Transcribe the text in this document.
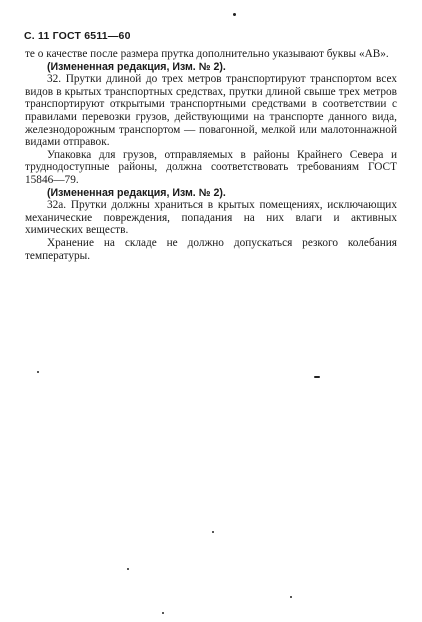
С. 11 ГОСТ 6511—60

те о качестве после размера прутка дополнительно указывают буквы «АВ».

(Измененная редакция, Изм. № 2).

32. Прутки длиной до трех метров транспортируют транспортом всех видов в крытых транспортных средствах, прутки длиной свыше трех метров транспортируют открытыми транспортными средствами в соответствии с правилами перевозки грузов, действующими на транспорте данного вида, железнодорожным транспортом — повагонной, мелкой или малотоннажной видами отправок.

Упаковка для грузов, отправляемых в районы Крайнего Севера и труднодоступные районы, должна соответствовать требованиям ГОСТ 15846—79.

(Измененная редакция, Изм. № 2).

32а. Прутки должны храниться в крытых помещениях, исключающих механические повреждения, попадания на них влаги и активных химических веществ.

Хранение на складе не должно допускаться резкого колебания температуры.
